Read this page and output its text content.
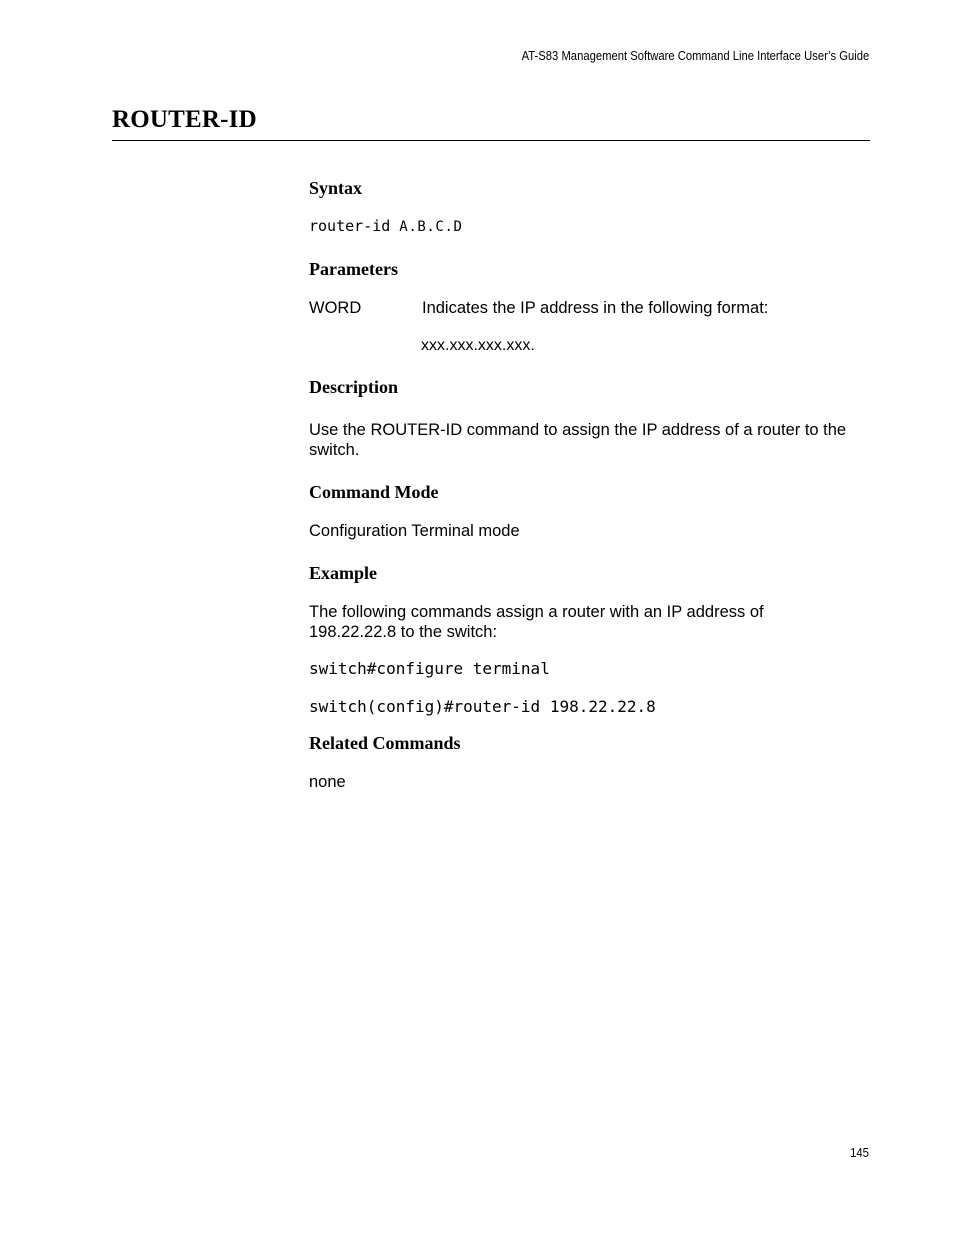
AT-S83 Management Software Command Line Interface User’s Guide
ROUTER-ID
Syntax
router-id A.B.C.D
Parameters
WORD	Indicates the IP address in the following format:
xxx.xxx.xxx.xxx.
Description
Use the ROUTER-ID command to assign the IP address of a router to the switch.
Command Mode
Configuration Terminal mode
Example
The following commands assign a router with an IP address of 198.22.22.8 to the switch:
switch#configure terminal
switch(config)#router-id 198.22.22.8
Related Commands
none
145
